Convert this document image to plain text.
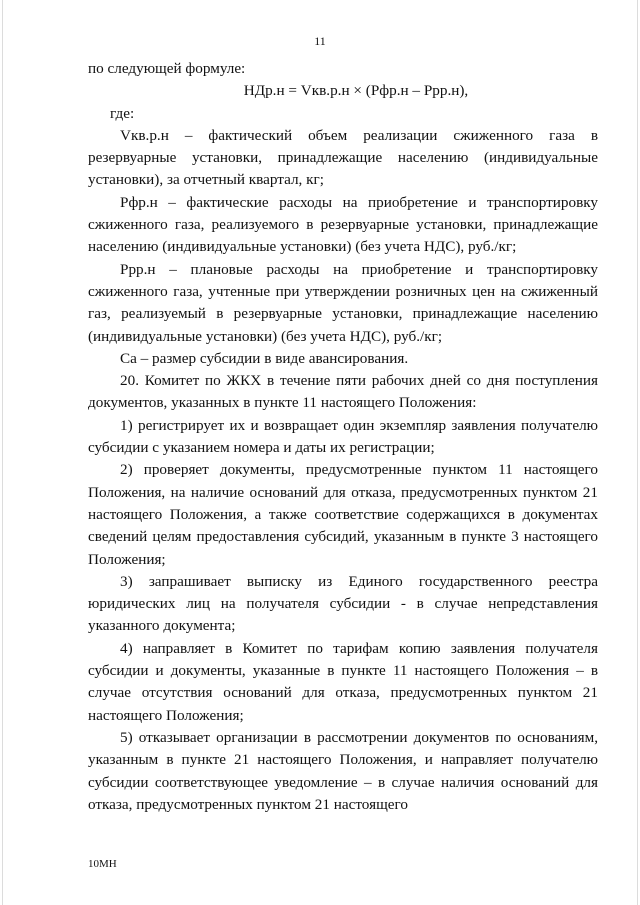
11

по следующей формуле:

НДр.н = Vкв.р.н × (Рфр.н – Ррр.н),

где:

Vкв.р.н – фактический объем реализации сжиженного газа в резервуарные установки, принадлежащие населению (индивидуальные установки), за отчетный квартал, кг;

Рфр.н – фактические расходы на приобретение и транспортировку сжиженного газа, реализуемого в резервуарные установки, принадлежащие населению (индивидуальные установки) (без учета НДС), руб./кг;

Ррр.н – плановые расходы на приобретение и транспортировку сжиженного газа, учтенные при утверждении розничных цен на сжиженный газ, реализуемый в резервуарные установки, принадлежащие населению (индивидуальные установки) (без учета НДС), руб./кг;

Са – размер субсидии в виде авансирования.

20. Комитет по ЖКХ в течение пяти рабочих дней со дня поступления документов, указанных в пункте 11 настоящего Положения:

1) регистрирует их и возвращает один экземпляр заявления получателю субсидии с указанием номера и даты их регистрации;

2) проверяет документы, предусмотренные пунктом 11 настоящего Положения, на наличие оснований для отказа, предусмотренных пунктом 21 настоящего Положения, а также соответствие содержащихся в документах сведений целям предоставления субсидий, указанным в пункте 3 настоящего Положения;

3) запрашивает выписку из Единого государственного реестра юридических лиц на получателя субсидии - в случае непредставления указанного документа;

4) направляет в Комитет по тарифам копию заявления получателя субсидии и документы, указанные в пункте 11 настоящего Положения – в случае отсутствия оснований для отказа, предусмотренных пунктом 21 настоящего Положения;

5) отказывает организации в рассмотрении документов по основаниям, указанным в пункте 21 настоящего Положения, и направляет получателю субсидии соответствующее уведомление – в случае наличия оснований для отказа, предусмотренных пунктом 21 настоящего

10МН
